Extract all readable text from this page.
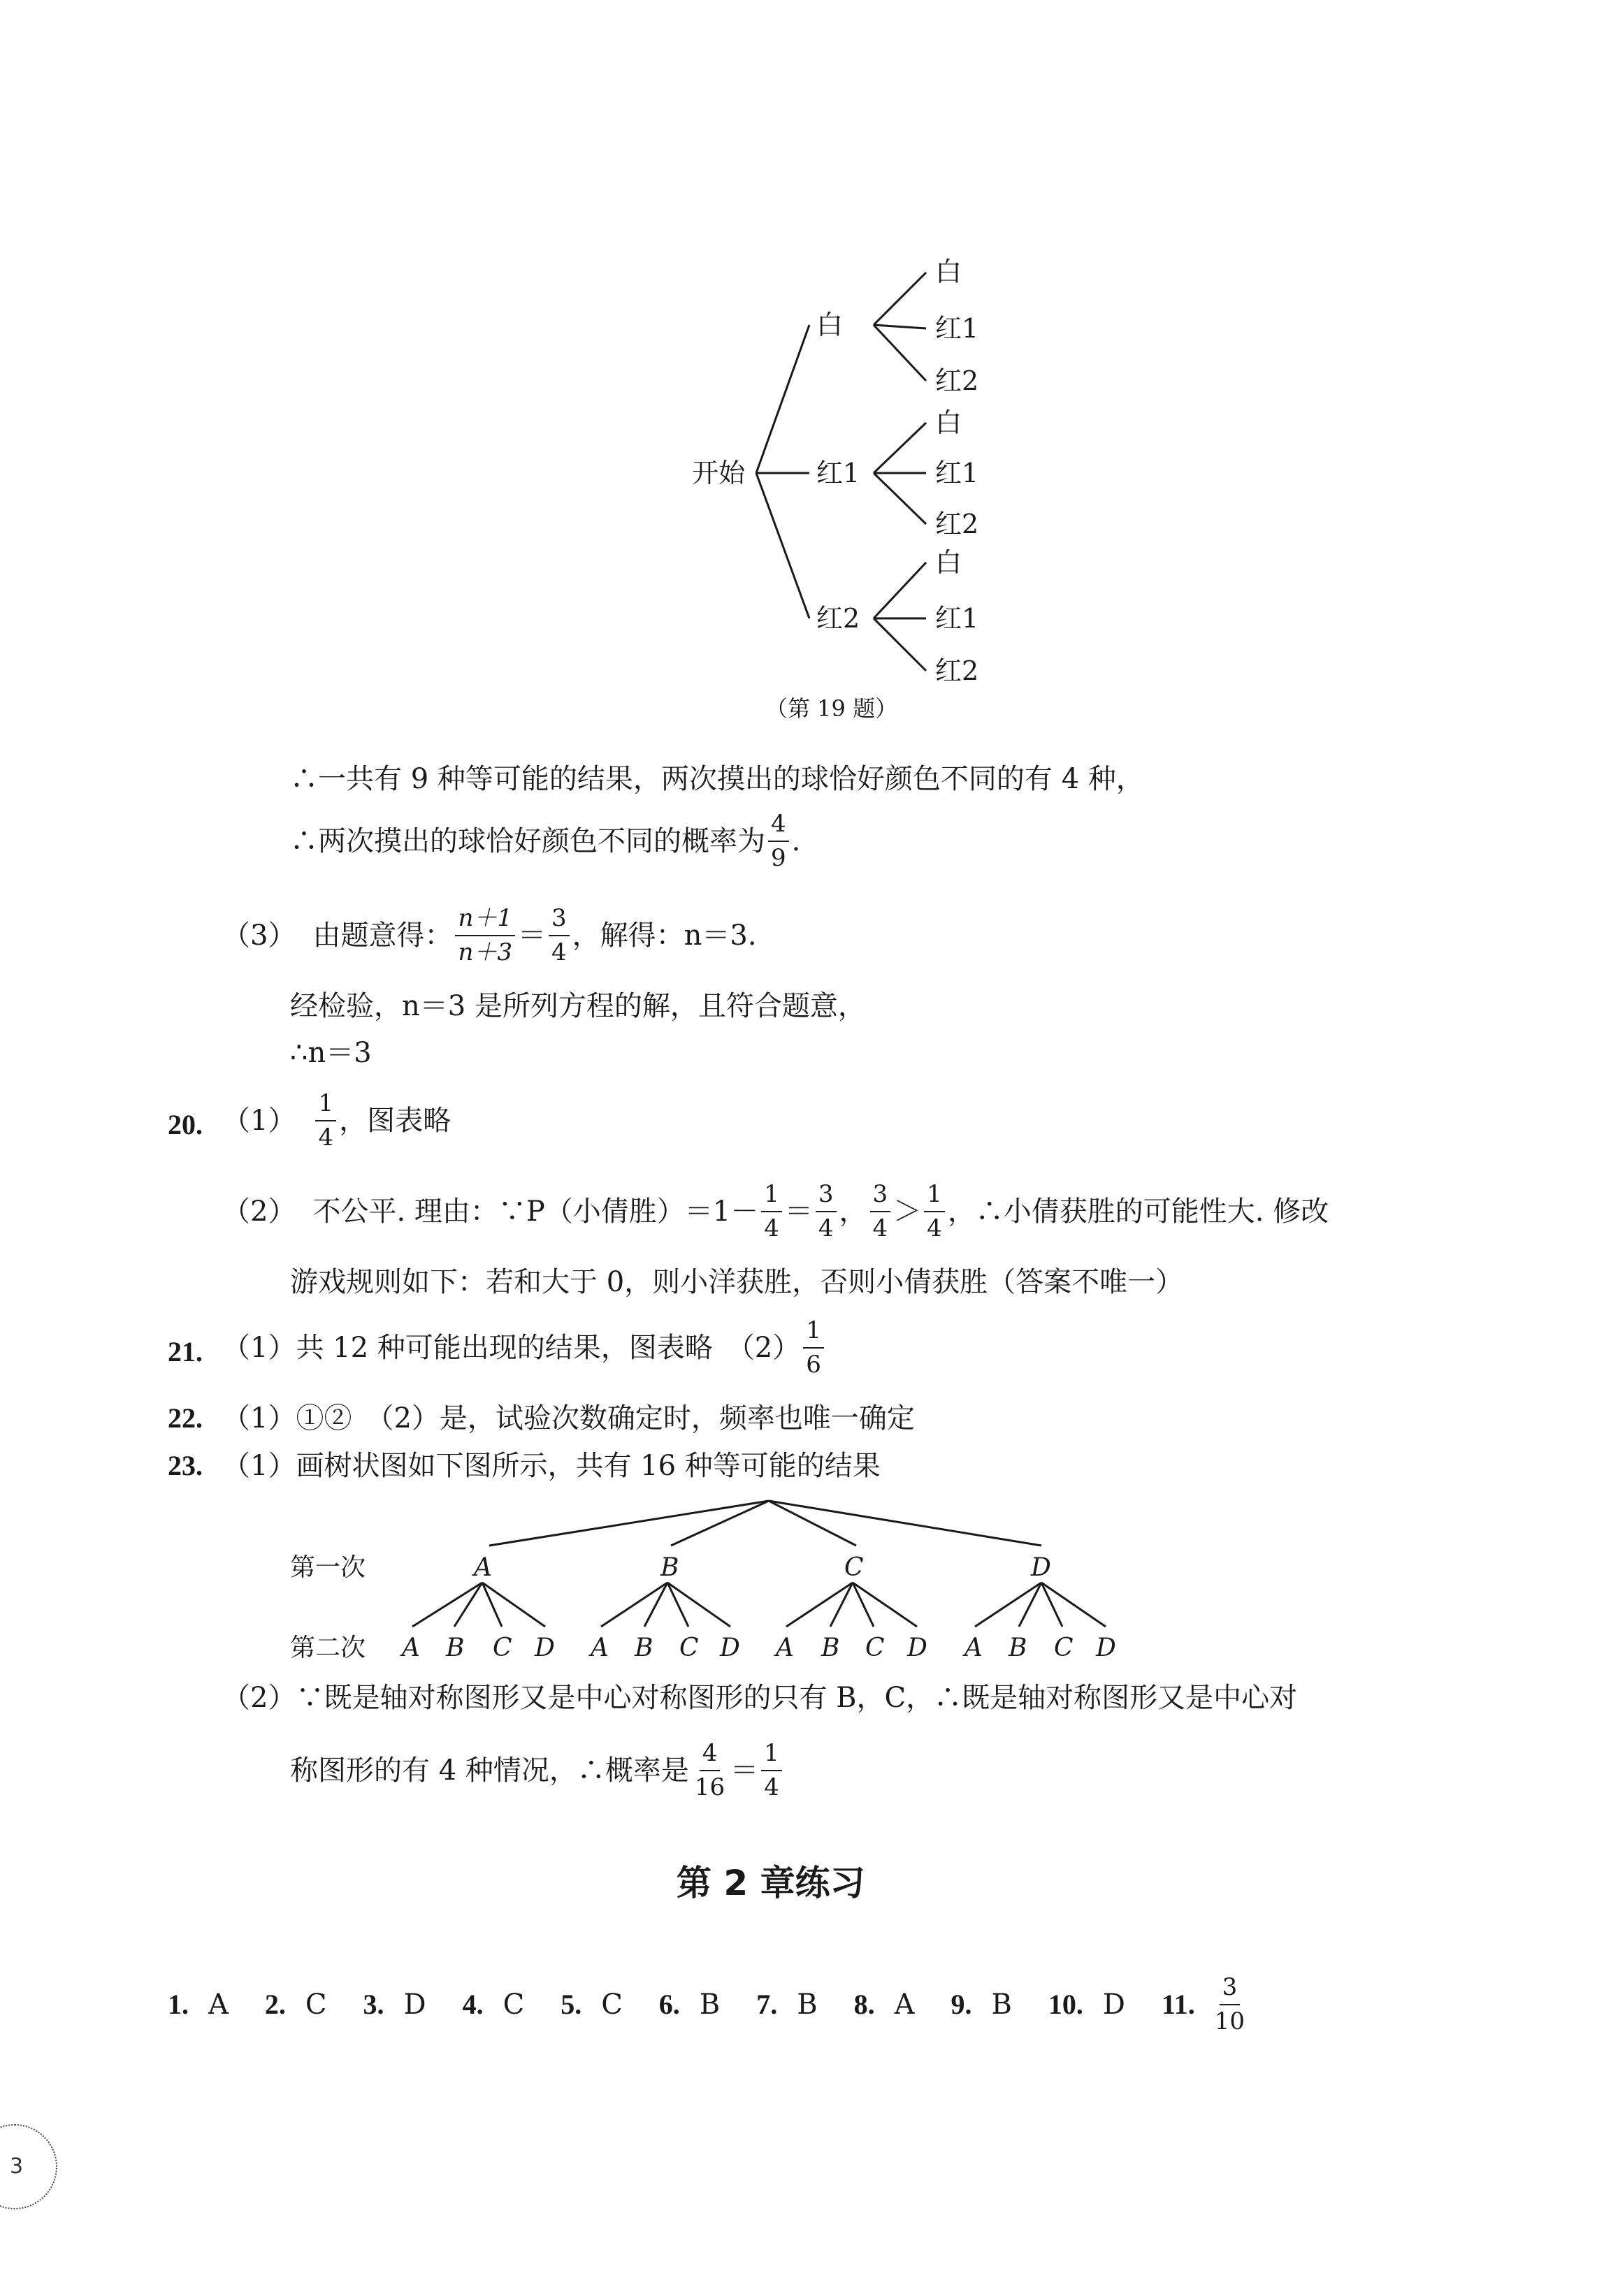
开始
白
红1
红2
白
红1
红2
白
红1
红2
白
红1
红2
（第 19 题）
∴一共有 9 种等可能的结果，两次摸出的球恰好颜色不同的有 4 种，
∴两次摸出的球恰好颜色不同的概率为 $\frac{4}{9}$ .
（3） 由题意得： $\frac{n+1}{n+3} = \frac{3}{4}$ ，解得：n＝3.
经检验，n＝3 是所列方程的解，且符合题意，
∴n＝3
20. $(1) \frac{1}{4}$ ，图表略
（2） 不公平. 理由：∵P（小倩胜）$=1- \frac{1}{4} = \frac{3}{4}$ ， $\frac{3}{4} > \frac{1}{4}$ ，∴小倩获胜的可能性大. 修改
游戏规则如下：若和大于 0，则小洋获胜，否则小倩获胜（答案不唯一）
21. （1）共 12 种可能出现的结果，图表略　$(2) \frac{1}{6}$
22. （1）①②　（2）是，试验次数确定时，频率也唯一确定
23. （1）画树状图如下图所示，共有 16 种等可能的结果
第一次
第二次
A	B	C	D
A B C D A B C D A B C D A B C D
（2）∵既是轴对称图形又是中心对称图形的只有 B，C，∴既是轴对称图形又是中心对
称图形的有 4 种情况，∴概率是 $\frac{4}{16} = \frac{1}{4}$
第 2 章练习
1. A 2. C 3. D 4. C 5. C 6. B 7. B 8. A 9. B 10. D 11. $\frac{3}{10}$
3
